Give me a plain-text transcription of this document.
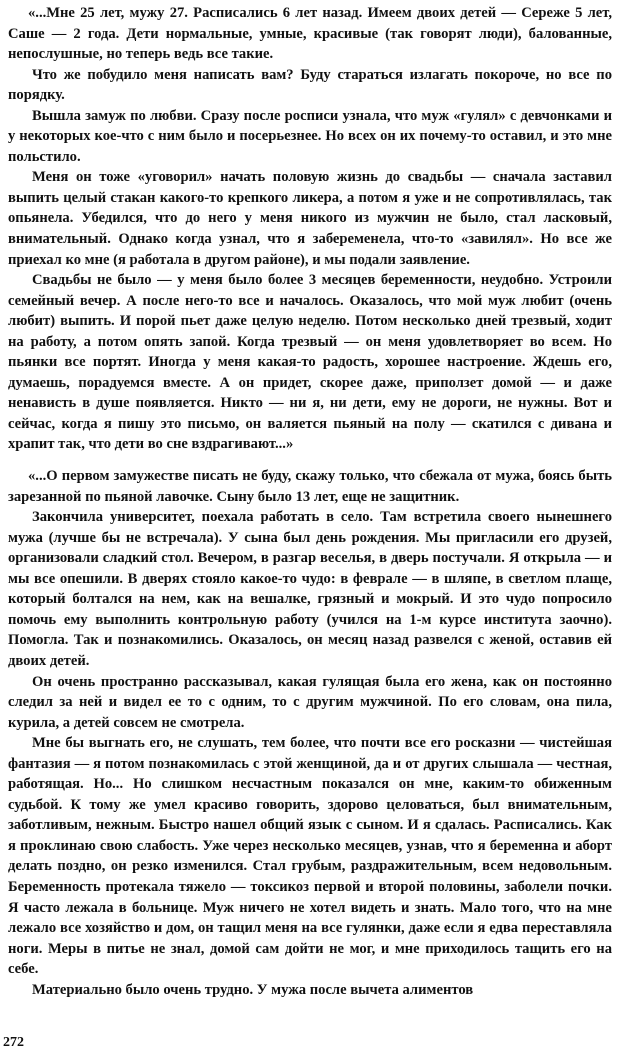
«...Мне 25 лет, мужу 27. Расписались 6 лет назад. Имеем двоих детей — Сереже 5 лет, Саше — 2 года. Дети нормальные, умные, красивые (так говорят люди), балованные, непослушные, но теперь ведь все такие.

Что же побудило меня написать вам? Буду стараться излагать покороче, но все по порядку.

Вышла замуж по любви. Сразу после росписи узнала, что муж «гулял» с девчонками и у некоторых кое-что с ним было и посерьезнее. Но всех он их почему-то оставил, и это мне польстило.

Меня он тоже «уговорил» начать половую жизнь до свадьбы — сначала заставил выпить целый стакан какого-то крепкого ликера, а потом я уже и не сопротивлялась, так опьянела. Убедился, что до него у меня никого из мужчин не было, стал ласковый, внимательный. Однако когда узнал, что я забеременела, что-то «завилял». Но все же приехал ко мне (я работала в другом районе), и мы подали заявление.

Свадьбы не было — у меня было более 3 месяцев беременности, неудобно. Устроили семейный вечер. А после него-то все и началось. Оказалось, что мой муж любит (очень любит) выпить. И порой пьет даже целую неделю. Потом несколько дней трезвый, ходит на работу, а потом опять запой. Когда трезвый — он меня удовлетворяет во всем. Но пьянки все портят. Иногда у меня какая-то радость, хорошее настроение. Ждешь его, думаешь, порадуемся вместе. А он придет, скорее даже, приползет домой — и даже ненависть в душе появляется. Никто — ни я, ни дети, ему не дороги, не нужны. Вот и сейчас, когда я пишу это письмо, он валяется пьяный на полу — скатился с дивана и храпит так, что дети во сне вздрагивают...»

«...О первом замужестве писать не буду, скажу только, что сбежала от мужа, боясь быть зарезанной по пьяной лавочке. Сыну было 13 лет, еще не защитник.

Закончила университет, поехала работать в село. Там встретила своего нынешнего мужа (лучше бы не встречала). У сына был день рождения. Мы пригласили его друзей, организовали сладкий стол. Вечером, в разгар веселья, в дверь постучали. Я открыла — и мы все опешили. В дверях стояло какое-то чудо: в феврале — в шляпе, в светлом плаще, который болтался на нем, как на вешалке, грязный и мокрый. И это чудо попросило помочь ему выполнить контрольную работу (учился на 1-м курсе института заочно). Помогла. Так и познакомились. Оказалось, он месяц назад развелся с женой, оставив ей двоих детей.

Он очень пространно рассказывал, какая гулящая была его жена, как он постоянно следил за ней и видел ее то с одним, то с другим мужчиной. По его словам, она пила, курила, а детей совсем не смотрела.

Мне бы выгнать его, не слушать, тем более, что почти все его росказни — чистейшая фантазия — я потом познакомилась с этой женщиной, да и от других слышала — честная, работящая. Но... Но слишком несчастным показался он мне, каким-то обиженным судьбой. К тому же умел красиво говорить, здорово целоваться, был внимательным, заботливым, нежным. Быстро нашел общий язык с сыном. И я сдалась. Расписались. Как я проклинаю свою слабость. Уже через несколько месяцев, узнав, что я беременна и аборт делать поздно, он резко изменился. Стал грубым, раздражительным, всем недовольным. Беременность протекала тяжело — токсикоз первой и второй половины, заболели почки. Я часто лежала в больнице. Муж ничего не хотел видеть и знать. Мало того, что на мне лежало все хозяйство и дом, он тащил меня на все гулянки, даже если я едва переставляла ноги. Меры в питье не знал, домой сам дойти не мог, и мне приходилось тащить его на себе.

Материально было очень трудно. У мужа после вычета алиментов

272
